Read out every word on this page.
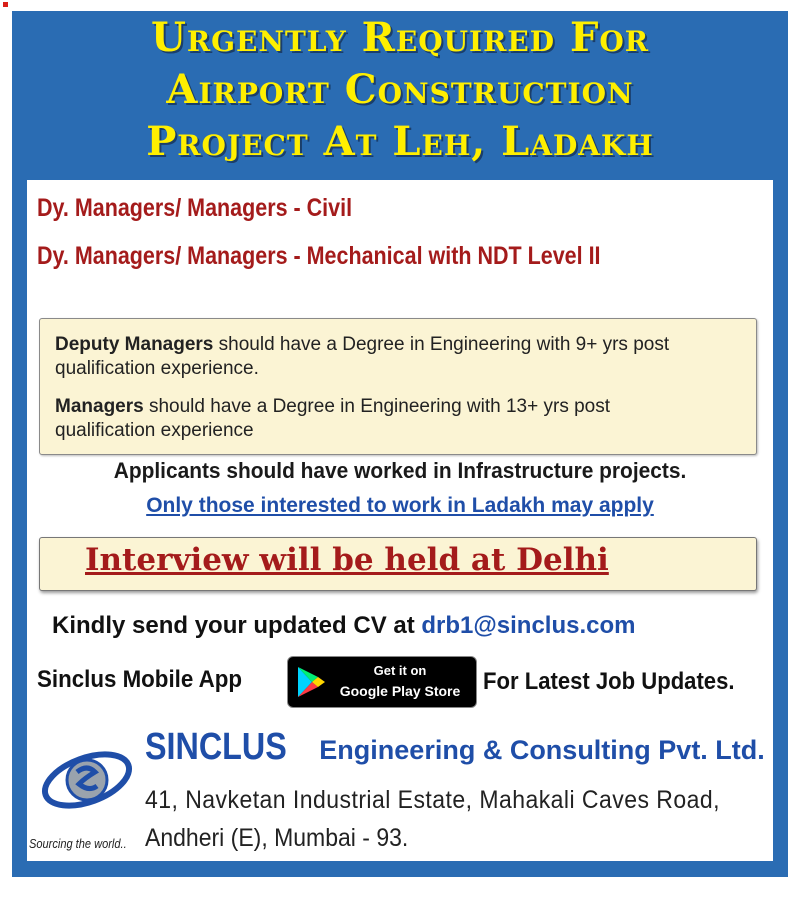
Urgently Required For
Airport Construction
Project At Leh, Ladakh
Dy. Managers/ Managers - Civil
Dy. Managers/ Managers - Mechanical with NDT Level II

Deputy Managers should have a Degree in Engineering with 9+ yrs post qualification experience.

Managers should have a Degree in Engineering with 13+ yrs post qualification experience

Applicants should have worked in Infrastructure projects.
Only those interested to work in Ladakh may apply
Interview will be held at Delhi
Kindly send your updated CV at drb1@sinclus.com
Sinclus Mobile App	Get it on
Google Play Store For Latest Job Updates.
Sourcing the world..
SINCLUS Engineering & Consulting Pvt. Ltd.
41, Navketan Industrial Estate, Mahakali Caves Road,
Andheri (E), Mumbai - 93.
